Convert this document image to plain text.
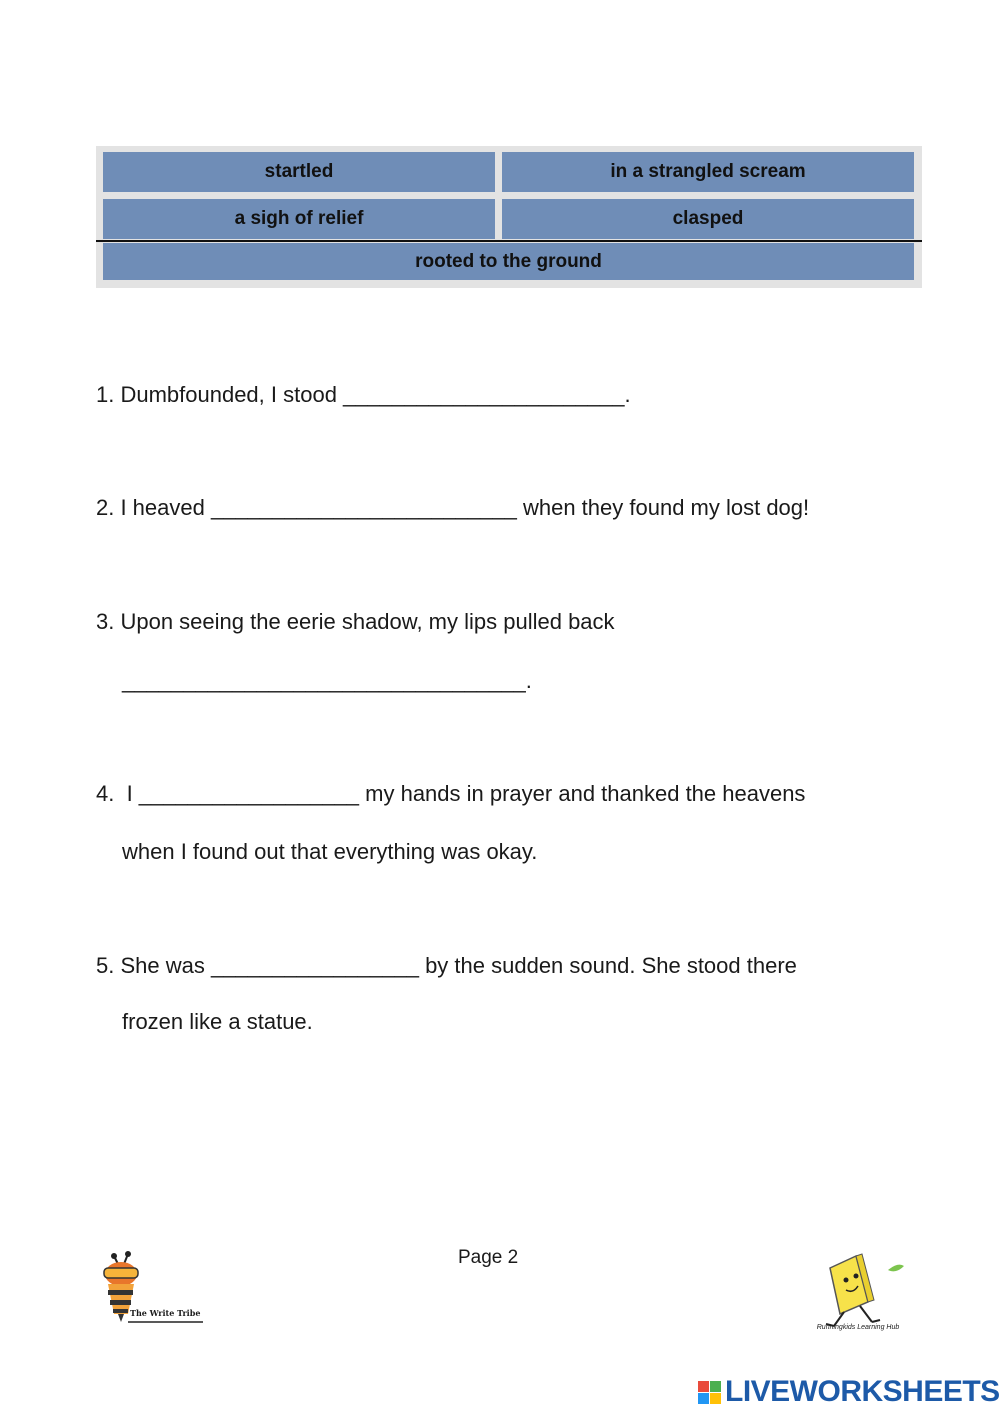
startled	in a strangled scream
a sigh of relief	clasped
rooted to the ground
1. Dumbfounded, I stood _______________________.
2. I heaved _________________________ when they found my lost dog!
3. Upon seeing the eerie shadow, my lips pulled back
_________________________________.
4.  I __________________ my hands in prayer and thanked the heavens
when I found out that everything was okay.
5. She was _________________ by the sudden sound. She stood there
frozen like a statue.
Page 2
The Write Tribe
Runningkids Learning Hub
LIVEWORKSHEETS
